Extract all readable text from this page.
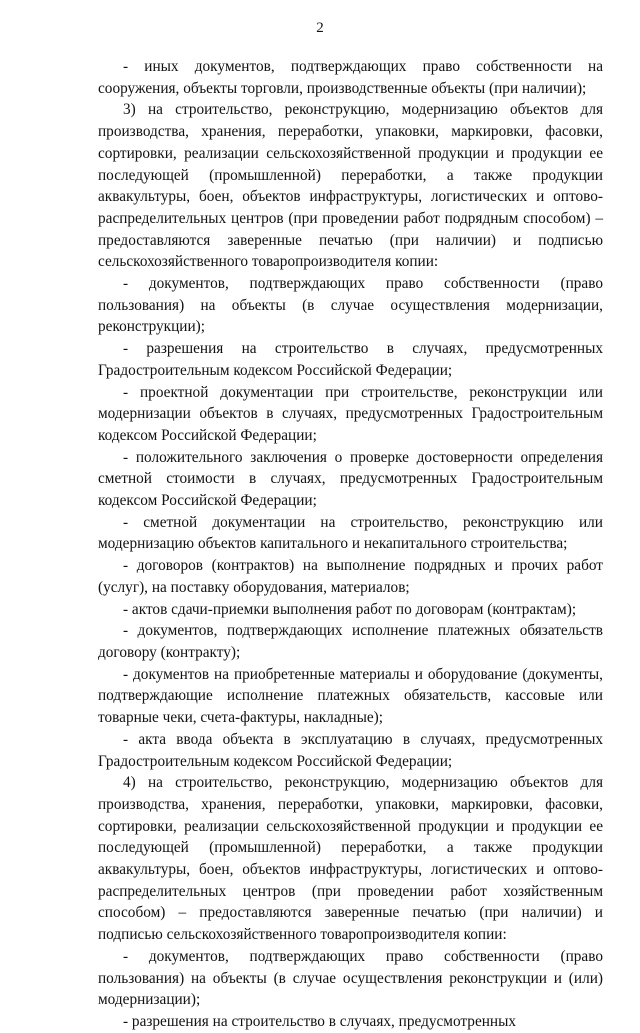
2

- иных документов, подтверждающих право собственности на сооружения, объекты торговли, производственные объекты (при наличии);

3) на строительство, реконструкцию, модернизацию объектов для производства, хранения, переработки, упаковки, маркировки, фасовки, сортировки, реализации сельскохозяйственной продукции и продукции ее последующей (промышленной) переработки, а также продукции аквакультуры, боен, объектов инфраструктуры, логистических и оптово-распределительных центров (при проведении работ подрядным способом) – предоставляются заверенные печатью (при наличии) и подписью сельскохозяйственного товаропроизводителя копии:

- документов, подтверждающих право собственности (право пользования) на объекты (в случае осуществления модернизации, реконструкции);

- разрешения на строительство в случаях, предусмотренных Градостроительным кодексом Российской Федерации;

- проектной документации при строительстве, реконструкции или модернизации объектов в случаях, предусмотренных Градостроительным кодексом Российской Федерации;

- положительного заключения о проверке достоверности определения сметной стоимости в случаях, предусмотренных Градостроительным кодексом Российской Федерации;

- сметной документации на строительство, реконструкцию или модернизацию объектов капитального и некапитального строительства;

- договоров (контрактов) на выполнение подрядных и прочих работ (услуг), на поставку оборудования, материалов;

- актов сдачи-приемки выполнения работ по договорам (контрактам);

- документов, подтверждающих исполнение платежных обязательств договору (контракту);

- документов на приобретенные материалы и оборудование (документы, подтверждающие исполнение платежных обязательств, кассовые или товарные чеки, счета-фактуры, накладные);

- акта ввода объекта в эксплуатацию в случаях, предусмотренных Градостроительным кодексом Российской Федерации;

4) на строительство, реконструкцию, модернизацию объектов для производства, хранения, переработки, упаковки, маркировки, фасовки, сортировки, реализации сельскохозяйственной продукции и продукции ее последующей (промышленной) переработки, а также продукции аквакультуры, боен, объектов инфраструктуры, логистических и оптово-распределительных центров (при проведении работ хозяйственным способом) – предоставляются заверенные печатью (при наличии) и подписью сельскохозяйственного товаропроизводителя копии:

- документов, подтверждающих право собственности (право пользования) на объекты (в случае осуществления реконструкции и (или) модернизации);

- разрешения на строительство в случаях, предусмотренных
